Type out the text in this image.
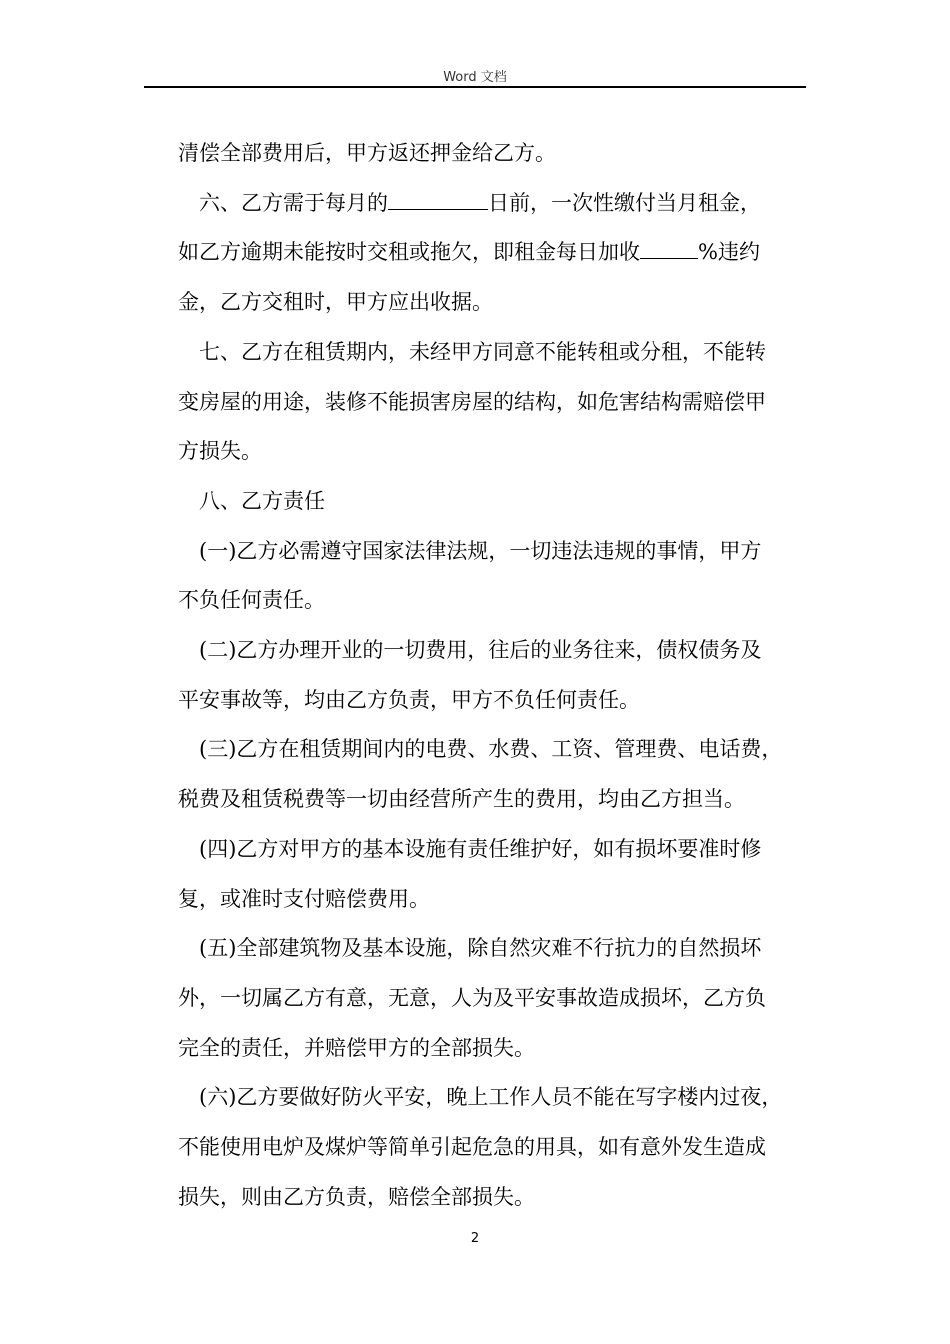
Word 文档

清偿全部费用后，甲方返还押金给乙方。

六、乙方需于每月的	日前，一次性缴付当月租金，

如乙方逾期未能按时交租或拖欠，即租金每日加收	%违约

金，乙方交租时，甲方应出收据。

七、乙方在租赁期内，未经甲方同意不能转租或分租，不能转

变房屋的用途，装修不能损害房屋的结构，如危害结构需赔偿甲

方损失。

八、乙方责任

(一)乙方必需遵守国家法律法规，一切违法违规的事情，甲方

不负任何责任。

(二)乙方办理开业的一切费用，往后的业务往来，债权债务及

平安事故等，均由乙方负责，甲方不负任何责任。

(三)乙方在租赁期间内的电费、水费、工资、管理费、电话费，

税费及租赁税费等一切由经营所产生的费用，均由乙方担当。

(四)乙方对甲方的基本设施有责任维护好，如有损坏要准时修

复，或准时支付赔偿费用。

(五)全部建筑物及基本设施，除自然灾难不行抗力的自然损坏

外，一切属乙方有意，无意，人为及平安事故造成损坏，乙方负

完全的责任，并赔偿甲方的全部损失。

(六)乙方要做好防火平安，晚上工作人员不能在写字楼内过夜，

不能使用电炉及煤炉等简单引起危急的用具，如有意外发生造成

损失，则由乙方负责，赔偿全部损失。

2
